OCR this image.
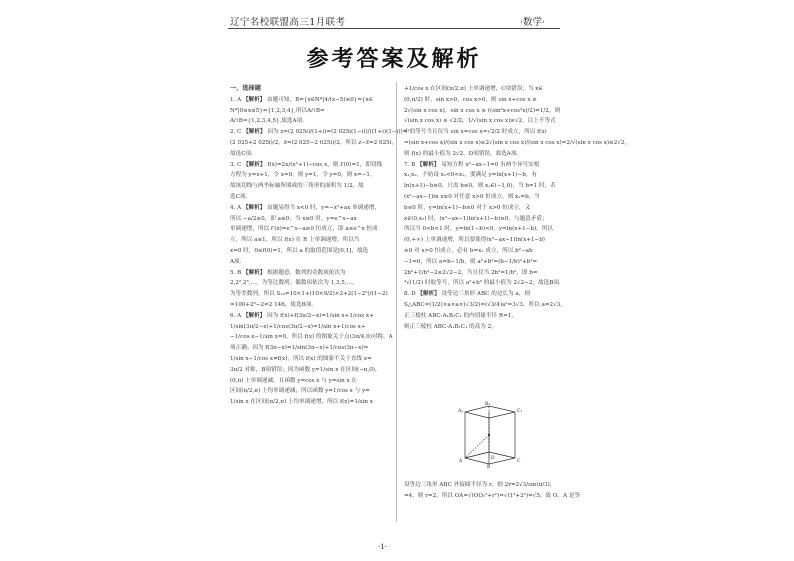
辽宁名校联盟高三1月联考	·数学·
参考答案及解析
一、选择题
1. A 【解析】 由题可知，B={x∈N*|4/(x−5)≤0}={x∈
N*|0≤x≤5}={1,2,3,4},所以A∩B=
A∩B={1,2,3,4,5},故选A项.
2. C 【解析】 因为 z=(2 025i)/(1+i)=(2 025i(1−i))/((1+i)(1−i))=
(2 025+2 025i)/2，z̄=(2 025−2 025i)/2，所以 z−z̄=2 025i，
故选C项.
3. C 【解析】 f(x)=2x/(x²+1)−cos x，则 f′(0)=1，即切线
方程为 y=x+1，令 x=0，则 y=1，令 y=0，则 x=−1，
故该切线与两坐标轴所围成的三角形的面积为 1/2，故
选C项.
4. A 【解析】 由题易得当 x<0 时，y=−x²+ax 单调递增，
所以 −a/2≥0，即 a≤0；当 x≥0 时，y=e^x−ax
单调递增，所以 f′(x)=e^x−a≥0 恒成立，即 a≤e^x 恒成
立，所以 a≤1，所以 f(x) 在 R 上单调递增，所以当
x=0 时，0≤f(0)=1，所以 a 的取值范围是[0,1]，故选
A项.
5. B 【解析】 根据题意，数列的奇数项依次为
2,2²,2³,…，为等比数列；偶数项依次为 1,3,5,…，
为等差数列，所以 S₁₀=10×1+(10×9/2)×2+2(1−2⁵)/(1−2)
=100+2⁶−2=2 146，故选B项.
6. A 【解析】 因为 f(x)+f(3π/2−x)=1/sin x+1/cos x+
1/sin(3π/2−x)+1/cos(3π/2−x)=1/sin x+1/cos x+
−1/cos x−1/sin x=0，所以 f(x) 的图象关于点(3π/4,0)对称，A
项正确；因为 f(3π−x)=1/sin(3π−x)+1/cos(3π−x)=
1/sin x−1/cos x≠f(x)，所以 f(x) 的图象不关于直线 x=
3π/2 对称，B项错误；因为函数 y=1/sin x 在区间(−π,0)，
(0,π) 上单调递减，且函数 y=cos x 与 y=sin x 在
区间(π/2,π) 上均单调递减，所以函数 y=1/cos x 与 y=
1/sin x 在区间(π/2,π) 上均单调递增，所以 f(x)=1/sin x
+1/cos x 在区间(π/2,π) 上单调递增，C项错误；当 x∈
(0,π/2) 时，sin x>0，cos x>0，则 sin x+cos x ≥
2√(sin x cos x)，sin x cos x ≤ ((sin²x+cos²x)/2)=1/2，则
√(sin x cos x) ≤ √2/2，1/√(sin x cos x)≥√2，以上不等式
中的等号当且仅当 sin x=cos x=√2/2 时成立，所以 f(x)
=(sin x+cos x)/(sin x cos x)≥2√(sin x cos x)/(sin x cos x)=2/√(sin x cos x)≥2√2，
则 f(x) 的最小值为 2√2，D项错误，故选A项.
7. B 【解析】 易知方程 x²−ax−1=0 有两个异号实根
x₁,x₂，不妨设 x₁<0<x₂，要满足 y=ln(x+1)−b，有
ln(x+1)−b≥0，只需 b≤0，则 x₁∈(−1,0)，当 b=1 时，若
(x²−ax−1)ln x≥0 对任意 x>0 恒成立，则 x₂=b，当
b≤0 时，y=ln(x+1)−b≥0 对于 x>0 恒成立，又
x∈(0,x₂) 时，(x²−ax−1)ln(x+1)−b)≤0，与题意矛盾；
所以当 0<b<1 时，y=ln(1−b)<0，y=ln(x+1−b)，所以
(0,+∞) 上单调递增，所以要使得(x²−ax−1)ln(x+1−b)
≥0 对 x>0 恒成立，必有 b=x₂ 成立，所以 b²−ab
−1=0，所以 a=b−1/b，则 a²+b²=(b−1/b)²+b²=
2b²+1/b²−2≥2√2−2，当且仅当 2b²=1/b²，即 b=
⁴√(1/2) 时取等号，所以 a²+b² 的最小值为 2√2−2，故选B项.
8. D 【解析】 设等边三角形 ABC 的边长为 a，则
S△ABC=(1/2)×a×a×(√3/2)=(√3/4)a²=3√3，所以 a=2√3，
正三棱柱 ABC-A₁B₁C₁ 的内切球半径 R=1，
则正三棱柱 ABC-A₁B₁C₁ 的高为 2，
A₁
B₁
C₁
A
B
C
D
设等边三角形 ABC 外接圆半径为 r，则 2r=2√3/sin(π/3)，
=4，则 r=2，所以 OA=√(OO₁²+r²)=√(1²+2²)=√5，故 O，A 是等
·1·
